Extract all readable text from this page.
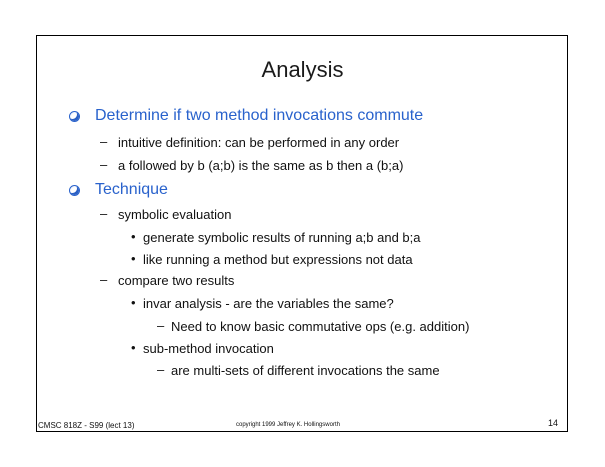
Analysis
Determine if two method invocations commute
– intuitive definition: can be performed in any order
– a followed by b (a;b) is the same as b then a (b;a)
Technique
– symbolic evaluation
• generate symbolic results of running a;b and b;a
• like running a method but expressions not data
– compare two results
• invar analysis - are the variables the same?
– Need to know basic commutative ops (e.g. addition)
• sub-method invocation
– are multi-sets of different invocations the same
CMSC 818Z - S99 (lect 13)	copyright 1999 Jeffrey K. Hollingsworth	14
